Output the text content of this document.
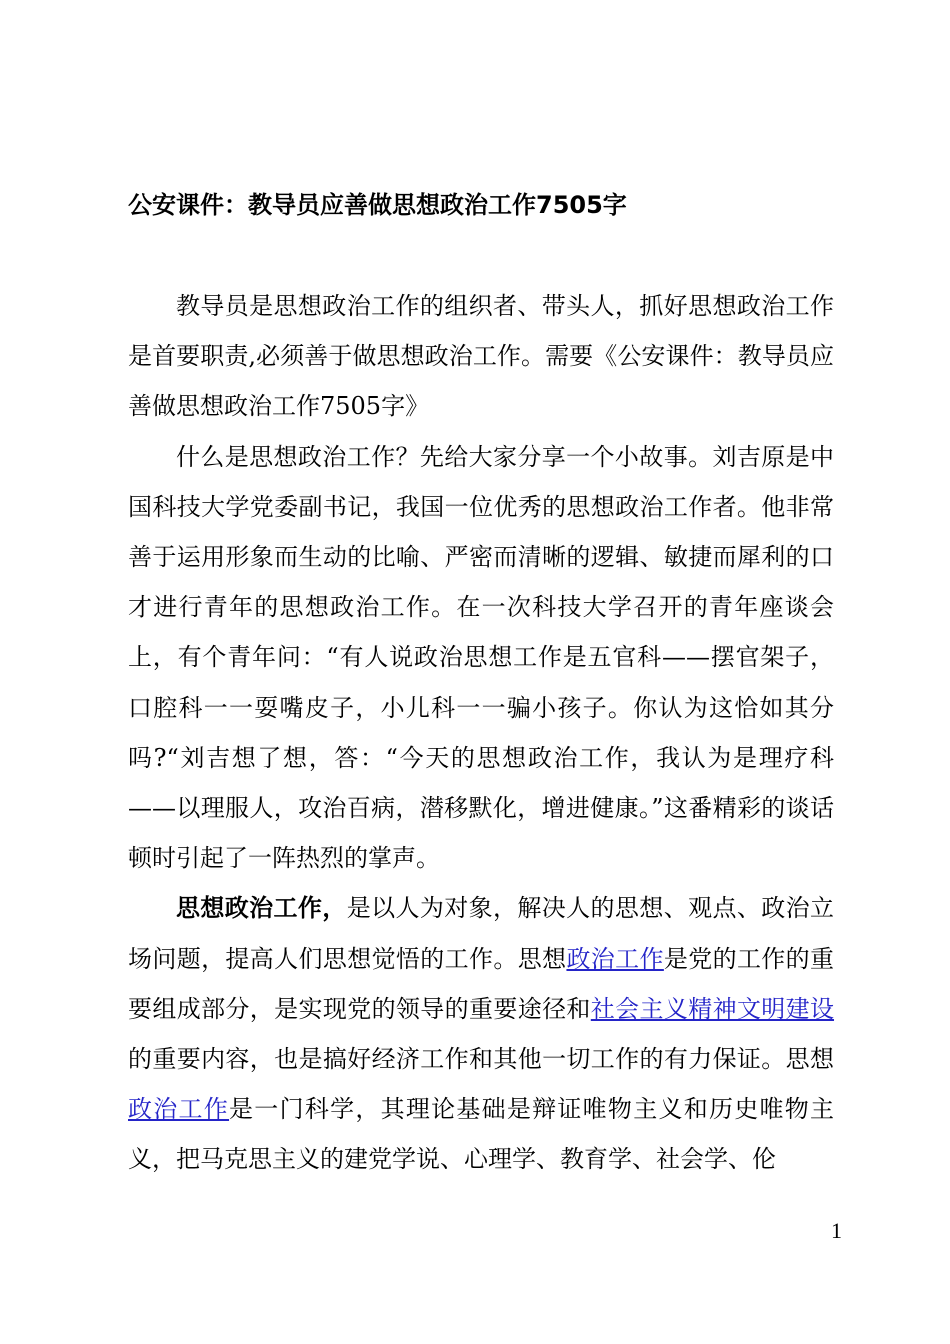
公安课件：教导员应善做思想政治工作7505字

教导员是思想政治工作的组织者、带头人，抓好思想政治工作是首要职责,必须善于做思想政治工作。需要《公安课件：教导员应善做思想政治工作7505字》

什么是思想政治工作？先给大家分享一个小故事。刘吉原是中国科技大学党委副书记，我国一位优秀的思想政治工作者。他非常善于运用形象而生动的比喻、严密而清晰的逻辑、敏捷而犀利的口才进行青年的思想政治工作。在一次科技大学召开的青年座谈会上，有个青年问：“有人说政治思想工作是五官科——摆官架子，口腔科一一耍嘴皮子，小儿科一一骗小孩子。你认为这恰如其分吗?“刘吉想了想，答：“今天的思想政治工作，我认为是理疗科——以理服人，攻治百病，潜移默化，增进健康。”这番精彩的谈话顿时引起了一阵热烈的掌声。

思想政治工作，是以人为对象，解决人的思想、观点、政治立场问题，提高人们思想觉悟的工作。思想政治工作是党的工作的重要组成部分，是实现党的领导的重要途径和社会主义精神文明建设的重要内容，也是搞好经济工作和其他一切工作的有力保证。思想政治工作是一门科学，其理论基础是辩证唯物主义和历史唯物主义，把马克思主义的建党学说、心理学、教育学、社会学、伦

1
